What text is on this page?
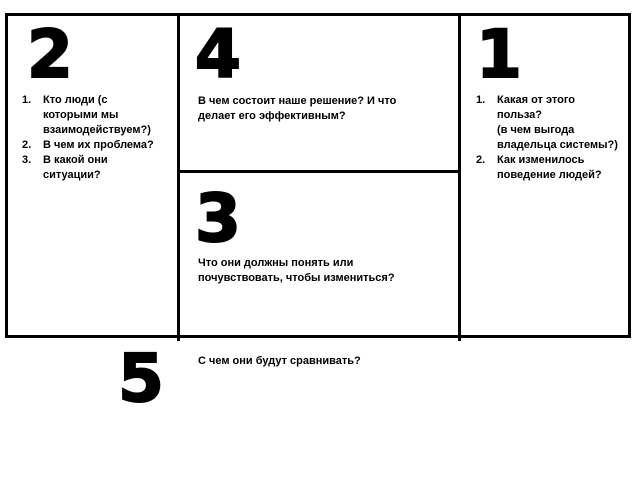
2
1. Кто люди (с
которыми мы
взаимодействуем?)
2. В чем их проблема?
3. В какой они
ситуации?
4
В чем состоит наше решение? И что
делает его эффективным?
1
1. Какая от этого
польза?
(в чем выгода
владельца системы?)
2. Как изменилось
поведение людей?
3
Что они должны понять или
почувствовать, чтобы измениться?
5	С чем они будут сравнивать?
